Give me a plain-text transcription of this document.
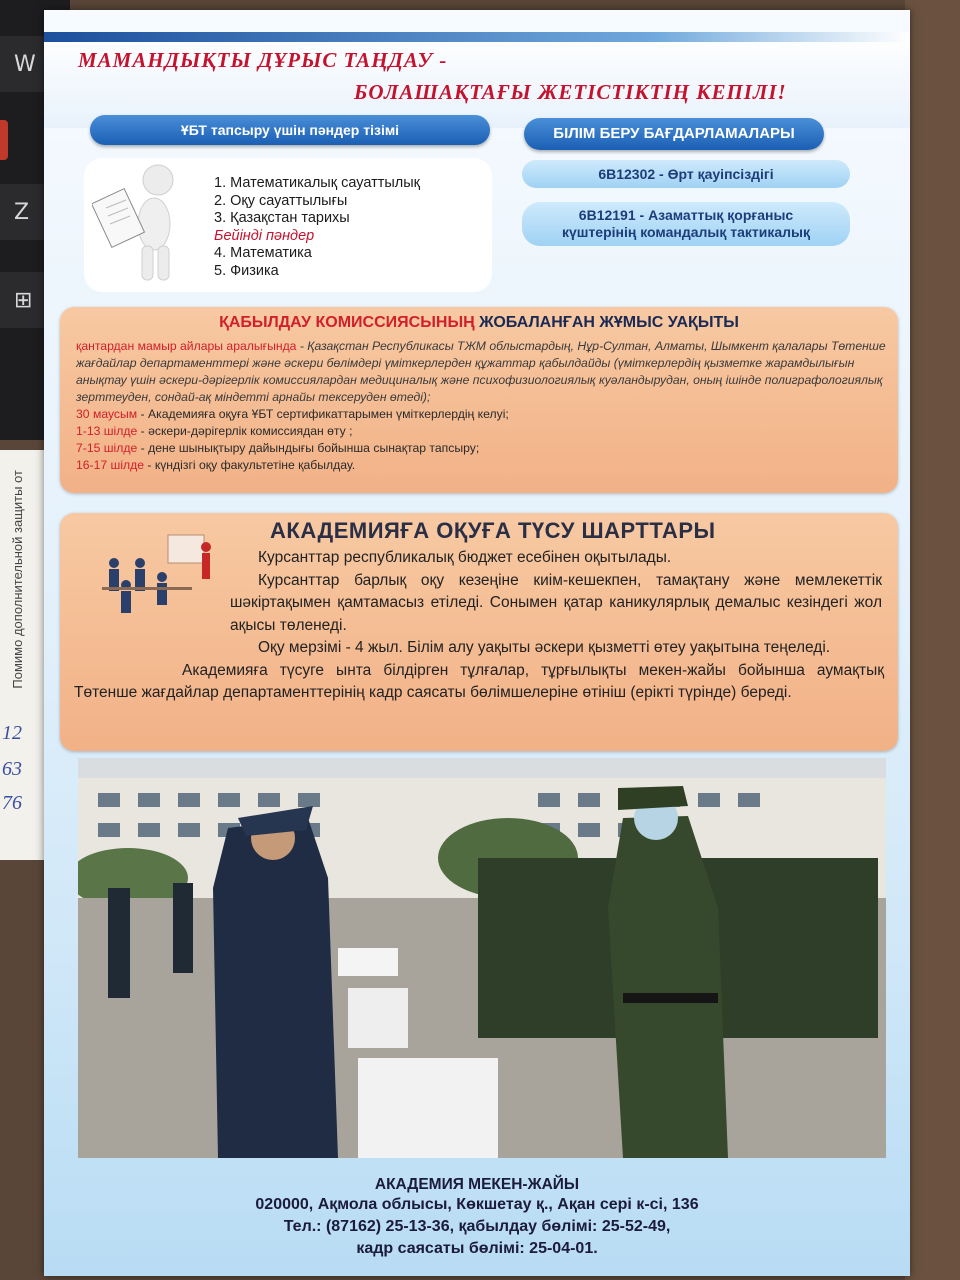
W
Z
⊞
Помимо дополнительной защиты от
12
63
76
МАМАНДЫҚТЫ ДҰРЫС ТАҢДАУ -
БОЛАШАҚТАҒЫ ЖЕТІСТІКТІҢ КЕПІЛІ!
ҰБТ тапсыру үшін пәндер тізімі
1. Математикалық сауаттылық
2. Оқу сауаттылығы
3. Қазақстан тарихы
Бейінді пәндер
4. Математика
5. Физика
БІЛІМ БЕРУ БАҒДАРЛАМАЛАРЫ
6В12302 - Өрт қауіпсіздігі
6В12191 - Азаматтық қорғаныс
күштерінің командалық тактикалық
ҚАБЫЛДАУ КОМИССИЯСЫНЫҢ ЖОБАЛАНҒАН ЖҰМЫС УАҚЫТЫ
қантардан мамыр айлары аралығында - Қазақстан Республикасы ТЖМ облыстардың, Нұр-Султан, Алматы, Шымкент қалалары Төтенше жағдайлар департаменттері және әскери бөлімдері үміткерлерден құжаттар қабылдайды (үміткерлердің қызметке жарамдылығын анықтау үшін әскери-дәрігерлік комиссиялардан медициналық және психофизиологиялық куәландырудан, оның ішінде полиграфологиялық зерттеуден, сондай-ақ міндетті арнайы тексеруден өтеді);
30 маусым - Академияға оқуға ҰБТ сертификаттарымен үміткерлердің келуі;
1-13 шілде - әскери-дәрігерлік комиссиядан өту ;
7-15 шілде - дене шынықтыру дайындығы бойынша сынақтар тапсыру;
16-17 шілде - күндізгі оқу факультетіне қабылдау.
АКАДЕМИЯҒА ОҚУҒА ТҮСУ ШАРТТАРЫ

Курсанттар республикалық бюджет есебінен оқытылады.

Курсанттар барлық оқу кезеңіне киім-кешекпен, тамақтану және мемлекеттік шәкіртақымен қамтамасыз етіледі. Сонымен қатар каникулярлық демалыс кезіндегі жол ақысы төленеді.

Оқу мерзімі - 4 жыл. Білім алу уақыты әскери қызметті өтеу уақытына теңеледі.

Академияға түсуге ынта білдірген тұлғалар, тұрғылықты мекен-жайы бойынша аумақтық Төтенше жағдайлар департаменттерінің кадр саясаты бөлімшелеріне өтініш (ерікті түрінде) береді.

АКАДЕМИЯ МЕКЕН-ЖАЙЫ
020000, Ақмола облысы, Көкшетау қ., Ақан сері к-сі, 136
Тел.: (87162) 25-13-36, қабылдау бөлімі: 25-52-49,
кадр саясаты бөлімі: 25-04-01.
